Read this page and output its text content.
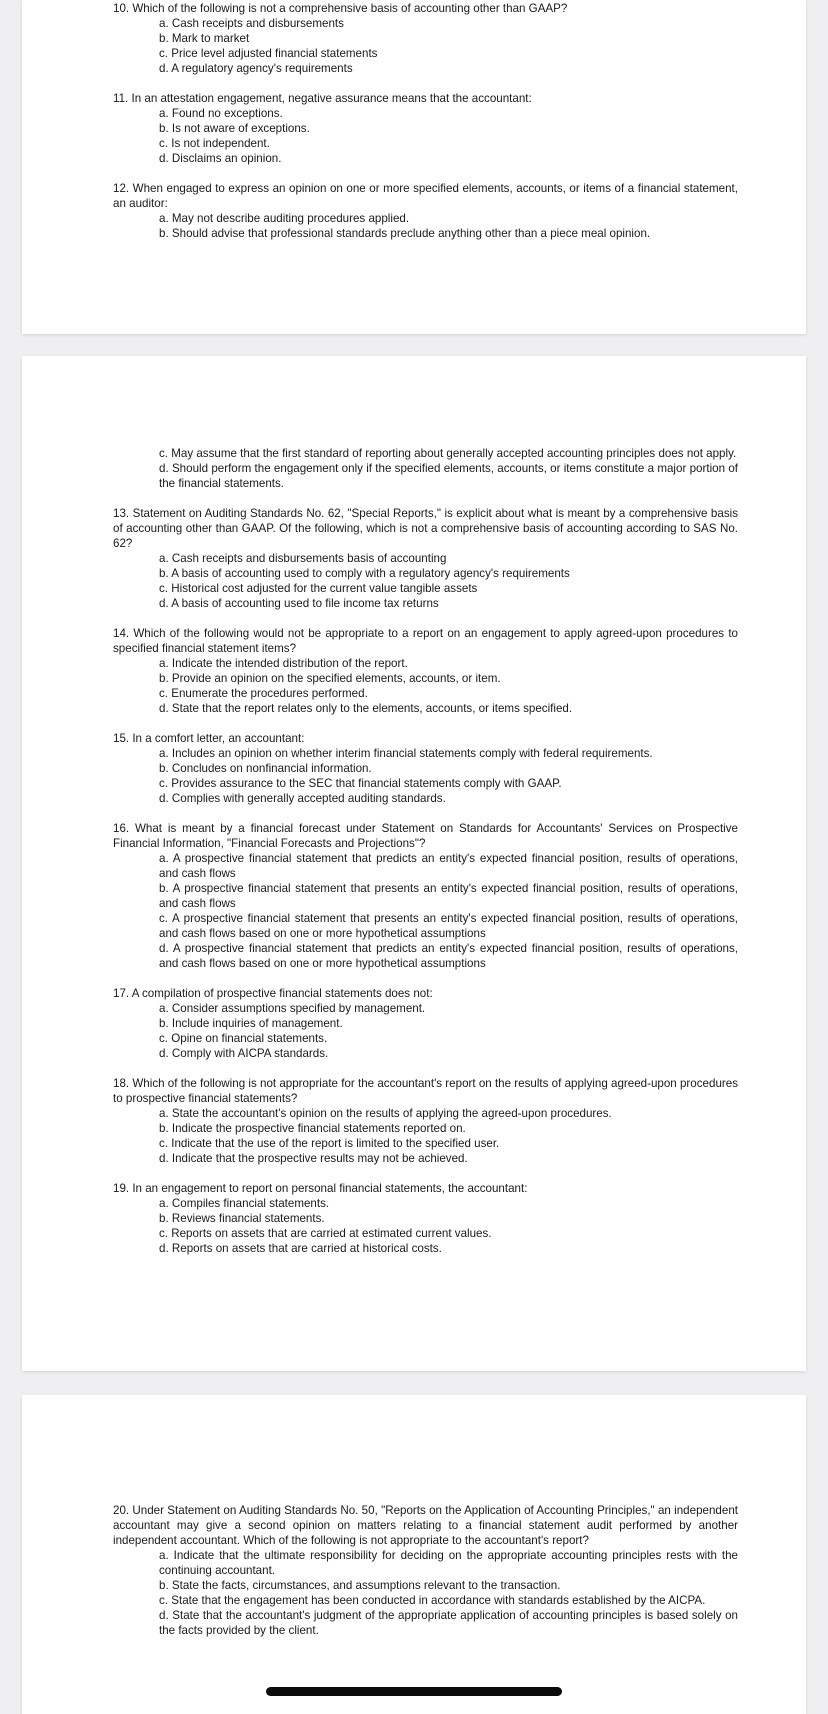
10. Which of the following is not a comprehensive basis of accounting other than GAAP?

a. Cash receipts and disbursements

b. Mark to market

c. Price level adjusted financial statements

d. A regulatory agency's requirements

11. In an attestation engagement, negative assurance means that the accountant:

a. Found no exceptions.

b. Is not aware of exceptions.

c. Is not independent.

d. Disclaims an opinion.

12. When engaged to express an opinion on one or more specified elements, accounts, or items of a financial statement, an auditor:

a. May not describe auditing procedures applied.

b. Should advise that professional standards preclude anything other than a piece meal opinion.

c. May assume that the first standard of reporting about generally accepted accounting principles does not apply.

d. Should perform the engagement only if the specified elements, accounts, or items constitute a major portion of the financial statements.

13. Statement on Auditing Standards No. 62, "Special Reports," is explicit about what is meant by a comprehensive basis of accounting other than GAAP. Of the following, which is not a comprehensive basis of accounting according to SAS No. 62?

a. Cash receipts and disbursements basis of accounting

b. A basis of accounting used to comply with a regulatory agency's requirements

c. Historical cost adjusted for the current value tangible assets

d. A basis of accounting used to file income tax returns

14. Which of the following would not be appropriate to a report on an engagement to apply agreed-upon procedures to specified financial statement items?

a. Indicate the intended distribution of the report.

b. Provide an opinion on the specified elements, accounts, or item.

c. Enumerate the procedures performed.

d. State that the report relates only to the elements, accounts, or items specified.

15. In a comfort letter, an accountant:

a. Includes an opinion on whether interim financial statements comply with federal requirements.

b. Concludes on nonfinancial information.

c. Provides assurance to the SEC that financial statements comply with GAAP.

d. Complies with generally accepted auditing standards.

16. What is meant by a financial forecast under Statement on Standards for Accountants' Services on Prospective Financial Information, "Financial Forecasts and Projections"?

a. A prospective financial statement that predicts an entity's expected financial position, results of operations, and cash flows

b. A prospective financial statement that presents an entity's expected financial position, results of operations, and cash flows

c. A prospective financial statement that presents an entity's expected financial position, results of operations, and cash flows based on one or more hypothetical assumptions

d. A prospective financial statement that predicts an entity's expected financial position, results of operations, and cash flows based on one or more hypothetical assumptions

17. A compilation of prospective financial statements does not:

a. Consider assumptions specified by management.

b. Include inquiries of management.

c. Opine on financial statements.

d. Comply with AICPA standards.

18. Which of the following is not appropriate for the accountant's report on the results of applying agreed-upon procedures to prospective financial statements?

a. State the accountant's opinion on the results of applying the agreed-upon procedures.

b. Indicate the prospective financial statements reported on.

c. Indicate that the use of the report is limited to the specified user.

d. Indicate that the prospective results may not be achieved.

19. In an engagement to report on personal financial statements, the accountant:

a. Compiles financial statements.

b. Reviews financial statements.

c. Reports on assets that are carried at estimated current values.

d. Reports on assets that are carried at historical costs.

20. Under Statement on Auditing Standards No. 50, "Reports on the Application of Accounting Principles," an independent accountant may give a second opinion on matters relating to a financial statement audit performed by another independent accountant. Which of the following is not appropriate to the accountant's report?

a. Indicate that the ultimate responsibility for deciding on the appropriate accounting principles rests with the continuing accountant.

b. State the facts, circumstances, and assumptions relevant to the transaction.

c. State that the engagement has been conducted in accordance with standards established by the AICPA.

d. State that the accountant's judgment of the appropriate application of accounting principles is based solely on the facts provided by the client.
